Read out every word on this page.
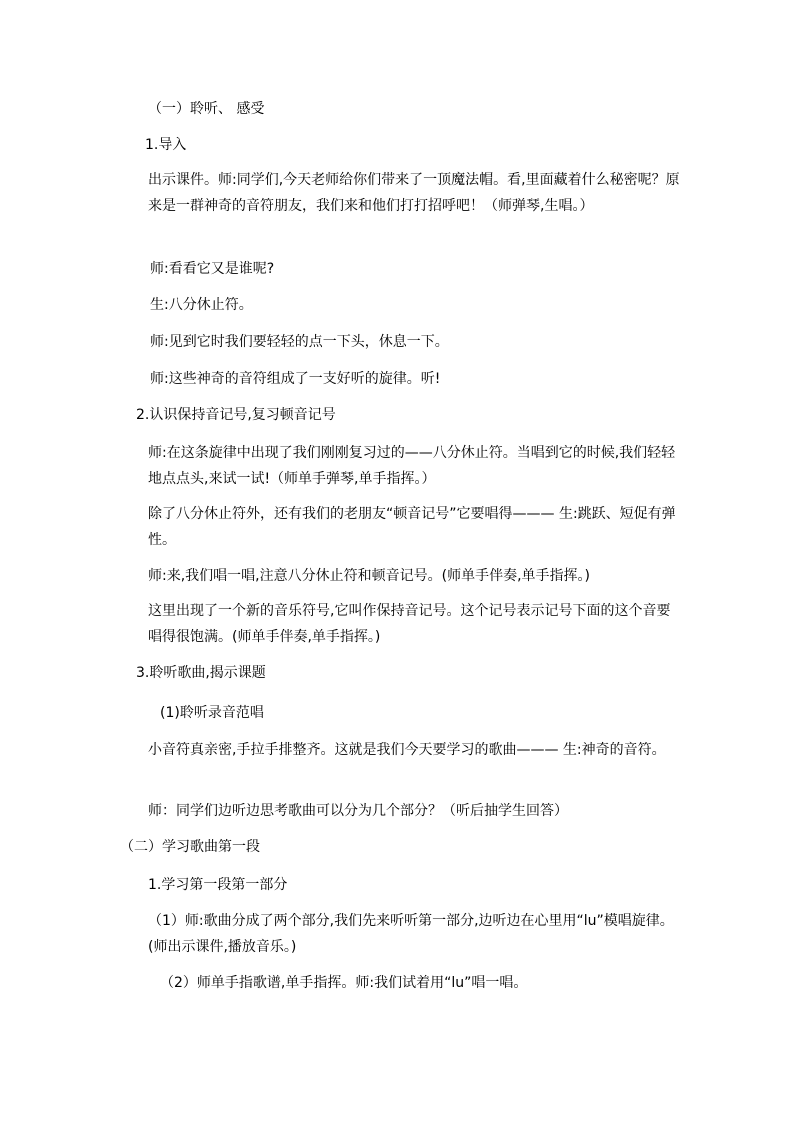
（一）聆听、 感受
1.导入
出示课件。师:同学们,今天老师给你们带来了一顶魔法帽。看,里面藏着什么秘密呢？原来是一群神奇的音符朋友，我们来和他们打打招呼吧！（师弹琴,生唱。）
师:看看它又是谁呢?
生:八分休止符。
师:见到它时我们要轻轻的点一下头，休息一下。
师:这些神奇的音符组成了一支好听的旋律。听!
2.认识保持音记号,复习顿音记号
师:在这条旋律中出现了我们刚刚复习过的——八分休止符。当唱到它的时候,我们轻轻地点点头,来试一试!（师单手弹琴,单手指挥。）
除了八分休止符外，还有我们的老朋友“顿音记号”它要唱得——— 生:跳跃、短促有弹性。
师:来,我们唱一唱,注意八分休止符和顿音记号。(师单手伴奏,单手指挥。)
这里出现了一个新的音乐符号,它叫作保持音记号。这个记号表示记号下面的这个音要唱得很饱满。(师单手伴奏,单手指挥。)
3.聆听歌曲,揭示课题
(1)聆听录音范唱
小音符真亲密,手拉手排整齐。这就是我们今天要学习的歌曲——— 生:神奇的音符。
师：同学们边听边思考歌曲可以分为几个部分？（听后抽学生回答）
（二）学习歌曲第一段
1.学习第一段第一部分
（1）师:歌曲分成了两个部分,我们先来听听第一部分,边听边在心里用“lu”模唱旋律。(师出示课件,播放音乐。)
（2）师单手指歌谱,单手指挥。师:我们试着用“lu”唱一唱。
